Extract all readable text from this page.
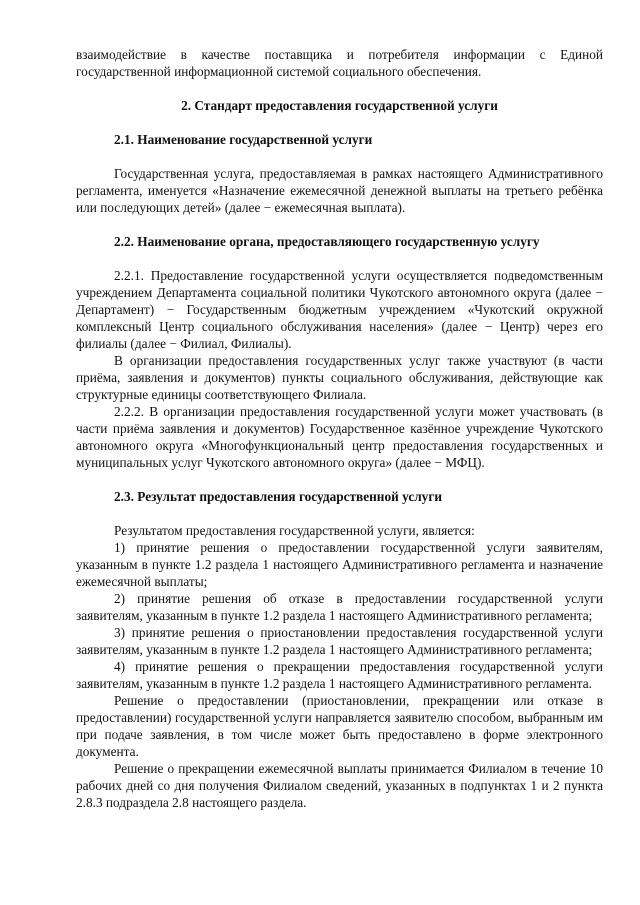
взаимодействие в качестве поставщика и потребителя информации с Единой государственной информационной системой социального обеспечения.

2. Стандарт предоставления государственной услуги

2.1. Наименование государственной услуги

Государственная услуга, предоставляемая в рамках настоящего Административного регламента, именуется «Назначение ежемесячной денежной выплаты на третьего ребёнка или последующих детей» (далее − ежемесячная выплата).

2.2. Наименование органа, предоставляющего государственную услугу

2.2.1. Предоставление государственной услуги осуществляется подведомственным учреждением Департамента социальной политики Чукотского автономного округа (далее − Департамент) − Государственным бюджетным учреждением «Чукотский окружной комплексный Центр социального обслуживания населения» (далее − Центр) через его филиалы (далее − Филиал, Филиалы).

В организации предоставления государственных услуг также участвуют (в части приёма, заявления и документов) пункты социального обслуживания, действующие как структурные единицы соответствующего Филиала.

2.2.2. В организации предоставления государственной услуги может участвовать (в части приёма заявления и документов) Государственное казённое учреждение Чукотского автономного округа «Многофункциональный центр предоставления государственных и муниципальных услуг Чукотского автономного округа» (далее − МФЦ).

2.3. Результат предоставления государственной услуги

Результатом предоставления государственной услуги, является:

1) принятие решения о предоставлении государственной услуги заявителям, указанным в пункте 1.2 раздела 1 настоящего Административного регламента и назначение ежемесячной выплаты;

2) принятие решения об отказе в предоставлении государственной услуги заявителям, указанным в пункте 1.2 раздела 1 настоящего Административного регламента;

3) принятие решения о приостановлении предоставления государственной услуги заявителям, указанным в пункте 1.2 раздела 1 настоящего Административного регламента;

4) принятие решения о прекращении предоставления государственной услуги заявителям, указанным в пункте 1.2 раздела 1 настоящего Административного регламента.

Решение о предоставлении (приостановлении, прекращении или отказе в предоставлении) государственной услуги направляется заявителю способом, выбранным им при подаче заявления, в том числе может быть предоставлено в форме электронного документа.

Решение о прекращении ежемесячной выплаты принимается Филиалом в течение 10 рабочих дней со дня получения Филиалом сведений, указанных в подпунктах 1 и 2 пункта 2.8.3 подраздела 2.8 настоящего раздела.
